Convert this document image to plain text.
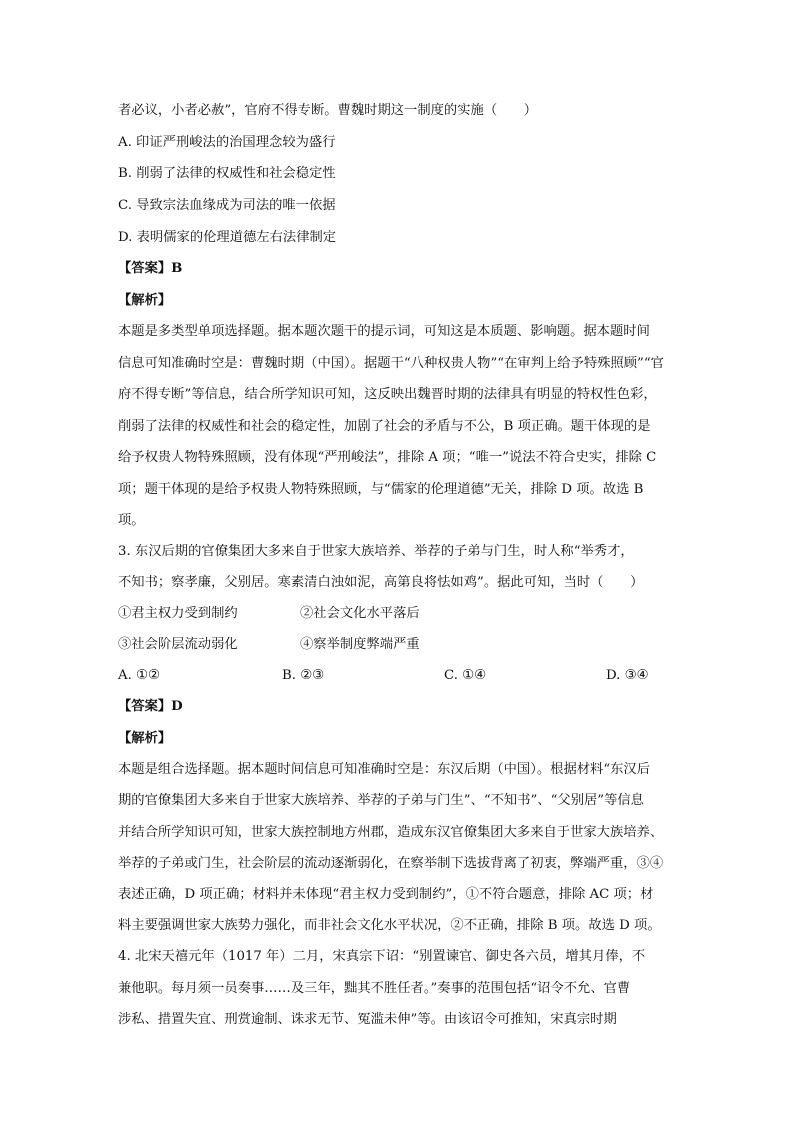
者必议，小者必赦”，官府不得专断。曹魏时期这一制度的实施（　　）
A. 印证严刑峻法的治国理念较为盛行
B. 削弱了法律的权威性和社会稳定性
C. 导致宗法血缘成为司法的唯一依据
D. 表明儒家的伦理道德左右法律制定
【答案】B
【解析】
本题是多类型单项选择题。据本题次题干的提示词，可知这是本质题、影响题。据本题时间
信息可知准确时空是：曹魏时期（中国）。据题干“八种权贵人物”“在审判上给予特殊照顾”“官
府不得专断”等信息，结合所学知识可知，这反映出魏晋时期的法律具有明显的特权性色彩，
削弱了法律的权威性和社会的稳定性，加剧了社会的矛盾与不公，B 项正确。题干体现的是
给予权贵人物特殊照顾，没有体现“严刑峻法”，排除 A 项；“唯一”说法不符合史实，排除 C
项；题干体现的是给予权贵人物特殊照顾，与“儒家的伦理道德”无关，排除 D 项。故选 B
项。
3. 东汉后期的官僚集团大多来自于世家大族培养、举荐的子弟与门生，时人称“举秀才，
不知书；察孝廉，父别居。寒素清白浊如泥，高第良将怯如鸡”。据此可知，当时（　　）
①君主权力受到制约	②社会文化水平落后
③社会阶层流动弱化	④察举制度弊端严重
A. ①②	B. ②③	C. ①④	D. ③④
【答案】D
【解析】
本题是组合选择题。据本题时间信息可知准确时空是：东汉后期（中国）。根据材料“东汉后
期的官僚集团大多来自于世家大族培养、举荐的子弟与门生”、“不知书”、“父别居”等信息
并结合所学知识可知，世家大族控制地方州郡，造成东汉官僚集团大多来自于世家大族培养、
举荐的子弟或门生，社会阶层的流动逐渐弱化，在察举制下选拔背离了初衷，弊端严重，③④
表述正确，D 项正确；材料并未体现“君主权力受到制约”，①不符合题意，排除 AC 项；材
料主要强调世家大族势力强化，而非社会文化水平状况，②不正确，排除 B 项。故选 D 项。
4. 北宋天禧元年（1017 年）二月，宋真宗下诏：“别置谏官、御史各六员，增其月俸，不
兼他职。每月须一员奏事……及三年，黜其不胜任者。”奏事的范围包括“诏令不允、官曹
涉私、措置失宜、刑赏逾制、诛求无节、冤滥未伸”等。由该诏令可推知，宋真宗时期
